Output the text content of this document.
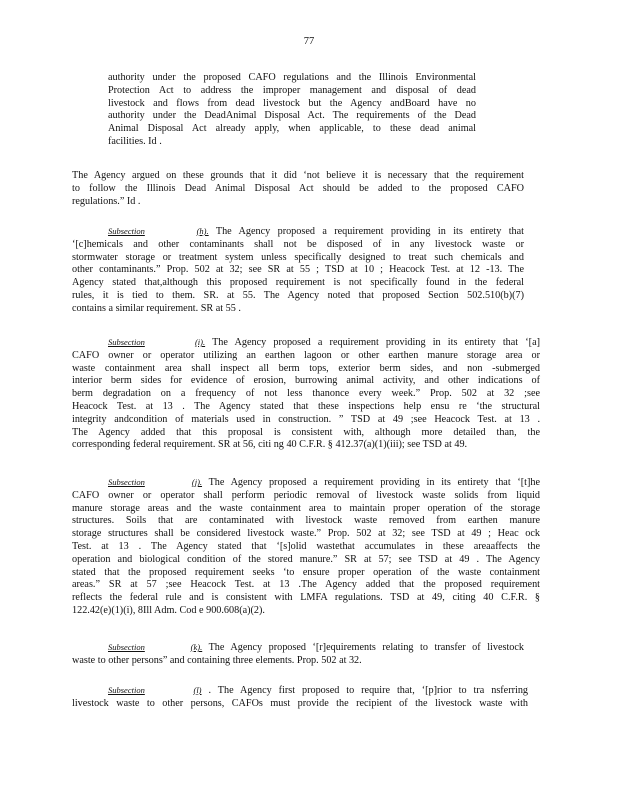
77
authority under the proposed CAFO regulations and the Illinois Environmental
Protection Act to address the improper management and disposal of dead
livestock and flows from dead livestock but the Agency andBoard have no
authority under the DeadAnimal Disposal Act. The requirements of the Dead
Animal Disposal Act already apply, when applicable, to these dead animal
facilities. Id .
The Agency argued on these grounds that it did ‘not believe it is necessary that the requirement
to follow the Illinois Dead Animal Disposal Act should be added to the proposed CAFO
regulations.” Id .
Subsection	(h). The Agency proposed a requirement providing in its entirety that
‘[c]hemicals and other contaminants shall not be disposed of in any livestock waste or
stormwater storage or treatment system unless specifically designed to treat such chemicals and
other contaminants.” Prop. 502 at 32; see SR at 55 ; TSD at 10 ; Heacock Test. at 12 -13. The
Agency stated that,although this proposed requirement is not specifically found in the federal
rules, it is tied to them. SR. at 55. The Agency noted that proposed Section 502.510(b)(7)
contains a similar requirement. SR at 55 .
Subsection	(i). The Agency proposed a requirement providing in its entirety that ‘[a]
CAFO owner or operator utilizing an earthen lagoon or other earthen manure storage area or
waste containment area shall inspect all berm tops, exterior berm sides, and non -submerged
interior berm sides for evidence of erosion, burrowing animal activity, and other indications of
berm degradation on a frequency of not less thanonce every week.” Prop. 502 at 32 ;see
Heacock Test. at 13 . The Agency stated that these inspections help ensu re ‘the structural
integrity andcondition of materials used in construction. ” TSD at 49 ;see Heacock Test. at 13 .
The Agency added that this proposal is consistent with, although more detailed than, the
corresponding federal requirement. SR at 56, citi ng 40 C.F.R. § 412.37(a)(1)(iii); see TSD at 49.
Subsection	(j). The Agency proposed a requirement providing in its entirety that ‘[t]he
CAFO owner or operator shall perform periodic removal of livestock waste solids from liquid
manure storage areas and the waste containment area to maintain proper operation of the storage
structures. Soils that are contaminated with livestock waste removed from earthen manure
storage structures shall be considered livestock waste.” Prop. 502 at 32; see TSD at 49 ; Heac ock
Test. at 13 . The Agency stated that ‘[s]olid wastethat accumulates in these areaaffects the
operation and biological condition of the stored manure.” SR at 57; see TSD at 49 . The Agency
stated that the proposed requirement seeks ‘to ensure proper operation of the waste containment
areas.” SR at 57 ;see Heacock Test. at 13 .The Agency added that the proposed requirement
reflects the federal rule and is consistent with LMFA regulations. TSD at 49, citing 40 C.F.R. §
122.42(e)(1)(i), 8Ill Adm. Cod e 900.608(a)(2).
Subsection	(k). The Agency proposed ‘[r]equirements relating to transfer of livestock
waste to other persons” and containing three elements. Prop. 502 at 32.
Subsection	(l) . The Agency first proposed to require that, ‘[p]rior to tra nsferring
livestock waste to other persons, CAFOs must provide the recipient of the livestock waste with
